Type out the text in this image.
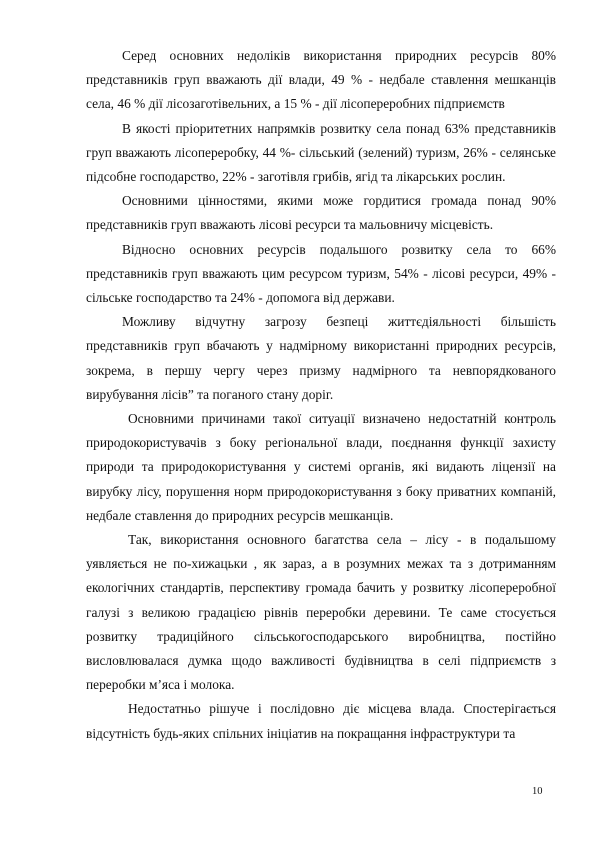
Серед основних недоліків використання природних ресурсів 80% представників груп вважають дії влади, 49 % - недбале ставлення мешканців села, 46 % дії лісозаготівельних, а 15 % - дії лісопереробних підприємств

В якості пріоритетних напрямків розвитку села понад 63% представників груп вважають лісопереробку, 44 %- сільський (зелений) туризм, 26% - селянське підсобне господарство, 22% - заготівля грибів, ягід та лікарських рослин.

Основними цінностями, якими може гордитися громада понад 90% представників груп вважають лісові ресурси та мальовничу місцевість.

Відносно основних ресурсів подальшого розвитку села то 66% представників груп вважають цим ресурсом туризм, 54% - лісові ресурси, 49% - сільське господарство та 24% - допомога від держави.

Можливу відчутну загрозу безпеці життєдіяльності більшість представників груп вбачають у надмірному використанні природних ресурсів, зокрема, в першу чергу через призму надмірного та невпорядкованого вирубування лісів” та поганого стану доріг.

Основними причинами такої ситуації визначено недостатній контроль природокористувачів з боку регіональної влади, поєднання функції захисту природи та природокористування у системі органів, які видають ліцензії на вирубку лісу, порушення норм природокористування з боку приватних компаній, недбале ставлення до природних ресурсів мешканців.

Так, використання основного багатства села – лісу - в подальшому уявляється не по-хижацьки , як зараз, а в розумних межах та з дотриманням екологічних стандартів, перспективу громада бачить у розвитку лісопереробної галузі з великою градацією рівнів переробки деревини. Те саме стосується розвитку традиційного сільськогосподарського виробництва, постійно висловлювалася думка щодо важливості будівництва в селі підприємств з переробки м’яса і молока.

Недостатньо рішуче і послідовно діє місцева влада. Спостерігається відсутність будь-яких спільних ініціатив на покращання інфраструктури та

10
